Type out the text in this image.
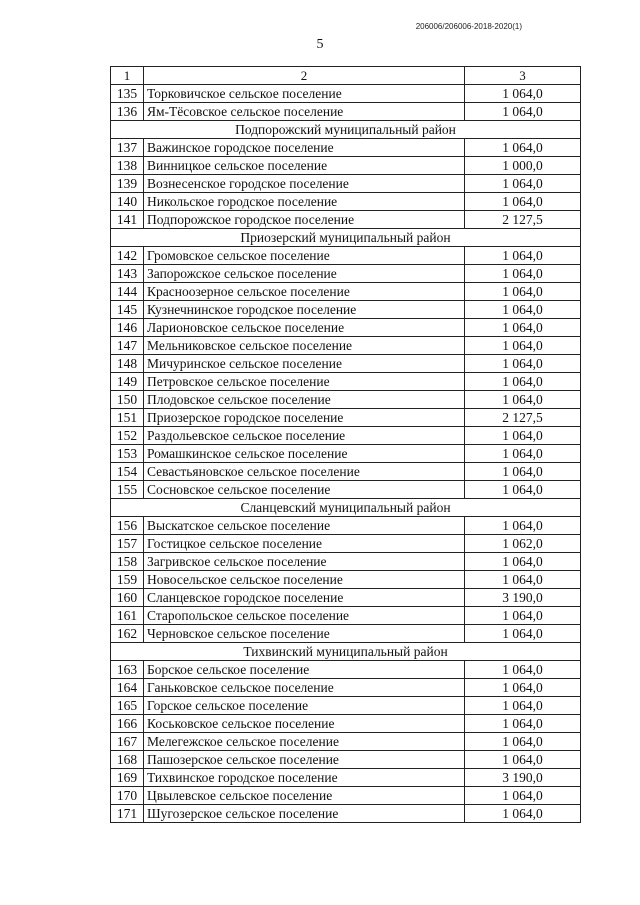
206006/206006-2018-2020(1)
5
1	2	3
135	Торковичское сельское поселение	1 064,0
136	Ям-Тёсовское сельское поселение	1 064,0
Подпорожский муниципальный район		
137	Важинское городское поселение	1 064,0
138	Винницкое сельское поселение	1 000,0
139	Вознесенское городское поселение	1 064,0
140	Никольское городское поселение	1 064,0
141	Подпорожское городское поселение	2 127,5
Приозерский муниципальный район		
142	Громовское сельское поселение	1 064,0
143	Запорожское сельское поселение	1 064,0
144	Красноозерное сельское поселение	1 064,0
145	Кузнечнинское городское поселение	1 064,0
146	Ларионовское сельское поселение	1 064,0
147	Мельниковское сельское поселение	1 064,0
148	Мичуринское сельское поселение	1 064,0
149	Петровское сельское поселение	1 064,0
150	Плодовское сельское поселение	1 064,0
151	Приозерское городское поселение	2 127,5
152	Раздольевское сельское поселение	1 064,0
153	Ромашкинское сельское поселение	1 064,0
154	Севастьяновское сельское поселение	1 064,0
155	Сосновское сельское поселение	1 064,0
Сланцевский муниципальный район		
156	Выскатское сельское поселение	1 064,0
157	Гостицкое сельское поселение	1 062,0
158	Загривское сельское поселение	1 064,0
159	Новосельское сельское поселение	1 064,0
160	Сланцевское городское поселение	3 190,0
161	Старопольское сельское поселение	1 064,0
162	Черновское сельское поселение	1 064,0
Тихвинский муниципальный район		
163	Борское сельское поселение	1 064,0
164	Ганьковское сельское поселение	1 064,0
165	Горское сельское поселение	1 064,0
166	Коськовское сельское поселение	1 064,0
167	Мелегежское сельское поселение	1 064,0
168	Пашозерское сельское поселение	1 064,0
169	Тихвинское городское поселение	3 190,0
170	Цвылевское сельское поселение	1 064,0
171	Шугозерское сельское поселение	1 064,0
